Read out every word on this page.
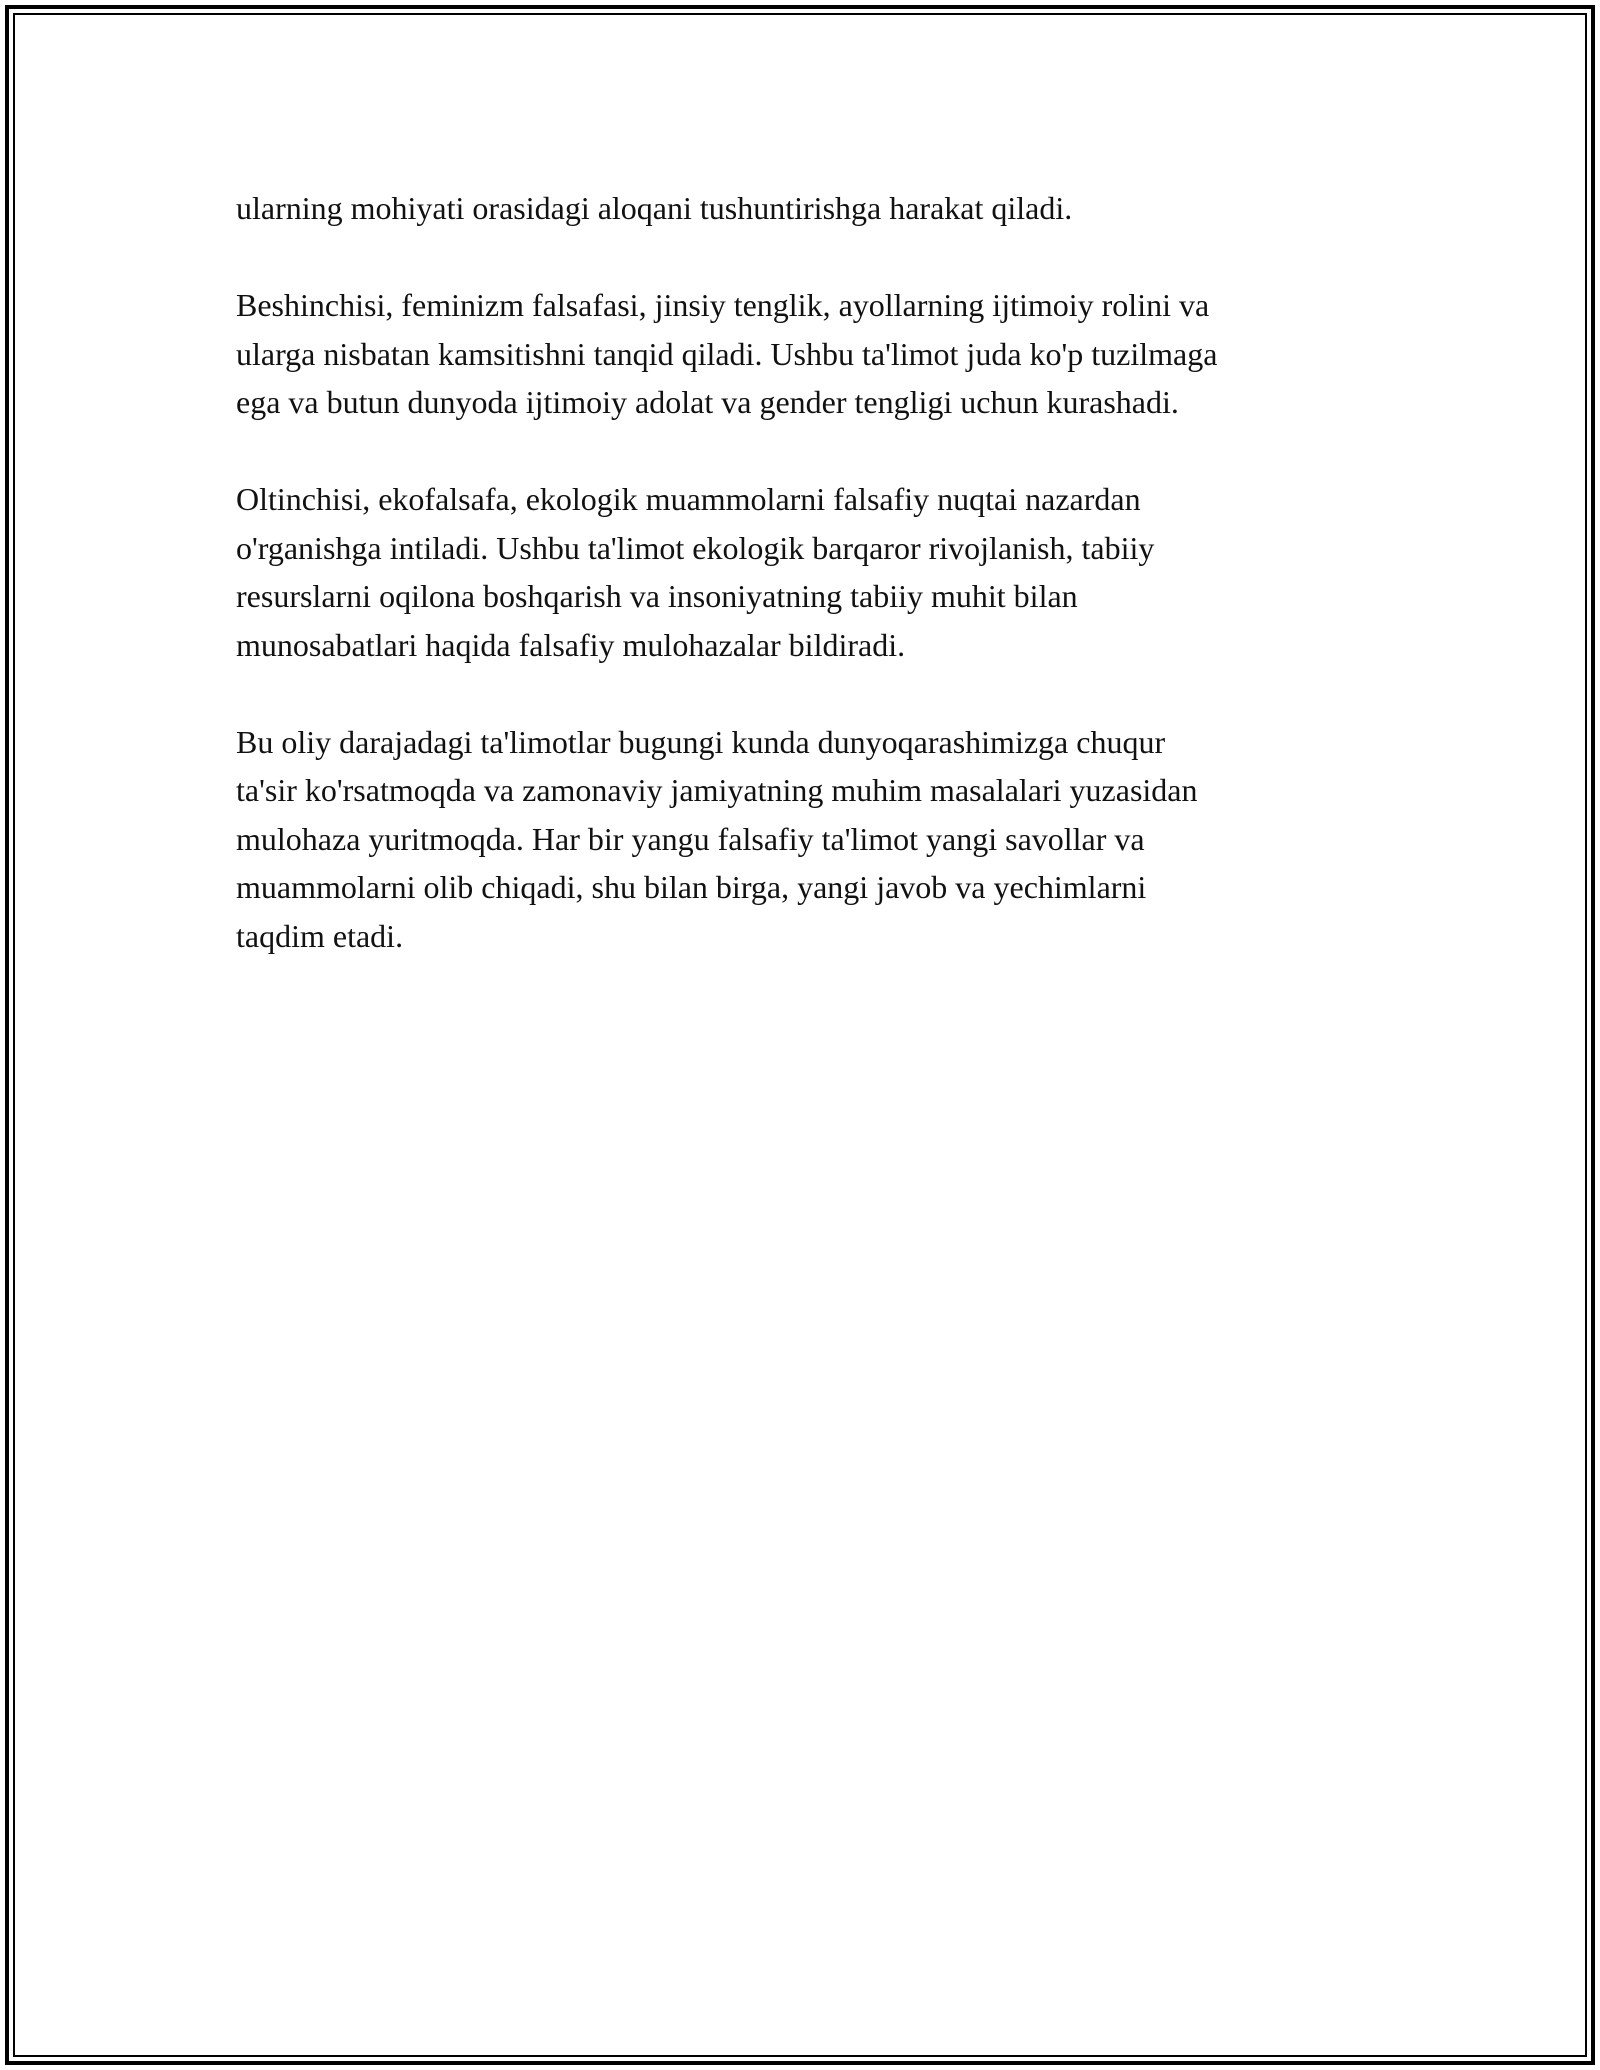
ularning mohiyati orasidagi aloqani tushuntirishga harakat qiladi.

Beshinchisi, feminizm falsafasi, jinsiy tenglik, ayollarning ijtimoiy rolini va
ularga nisbatan kamsitishni tanqid qiladi. Ushbu ta'limot juda ko'p tuzilmaga
ega va butun dunyoda ijtimoiy adolat va gender tengligi uchun kurashadi.

Oltinchisi, ekofalsafa, ekologik muammolarni falsafiy nuqtai nazardan
o'rganishga intiladi. Ushbu ta'limot ekologik barqaror rivojlanish, tabiiy
resurslarni oqilona boshqarish va insoniyatning tabiiy muhit bilan
munosabatlari haqida falsafiy mulohazalar bildiradi.

Bu oliy darajadagi ta'limotlar bugungi kunda dunyoqarashimizga chuqur
ta'sir ko'rsatmoqda va zamonaviy jamiyatning muhim masalalari yuzasidan
mulohaza yuritmoqda. Har bir yangu falsafiy ta'limot yangi savollar va
muammolarni olib chiqadi, shu bilan birga, yangi javob va yechimlarni
taqdim etadi.
